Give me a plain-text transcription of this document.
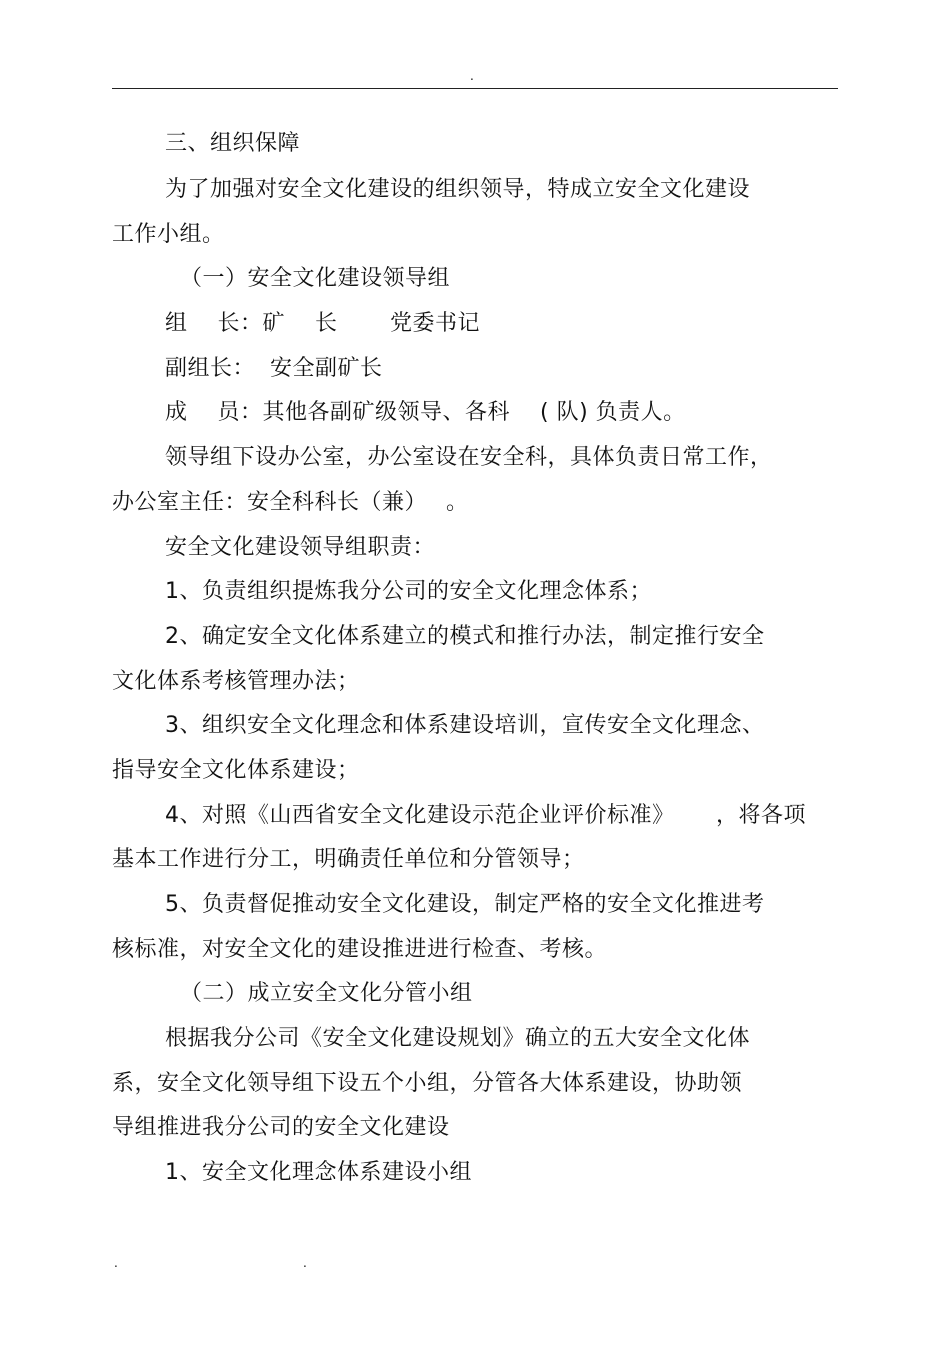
.
三、组织保障
为了加强对安全文化建设的组织领导，特成立安全文化建设
工作小组。
（一）安全文化建设领导组
组　 长：矿　 长　　 党委书记
副组长：  安全副矿长
成　 员：其他各副矿级领导、各科　 ( 队) 负责人。
领导组下设办公室，办公室设在安全科，具体负责日常工作，
办公室主任：安全科科长（兼）　 。
安全文化建设领导组职责：
1、负责组织提炼我分公司的安全文化理念体系；
2、确定安全文化体系建立的模式和推行办法，制定推行安全
文化体系考核管理办法；
3、组织安全文化理念和体系建设培训，宣传安全文化理念、
指导安全文化体系建设；
4、对照《山西省安全文化建设示范企业评价标准》　　 ，将各项
基本工作进行分工，明确责任单位和分管领导；
5、负责督促推动安全文化建设，制定严格的安全文化推进考
核标准，对安全文化的建设推进进行检查、考核。
（二）成立安全文化分管小组
根据我分公司《安全文化建设规划》确立的五大安全文化体
系，安全文化领导组下设五个小组，分管各大体系建设，协助领
导组推进我分公司的安全文化建设
1、安全文化理念体系建设小组
.	.
